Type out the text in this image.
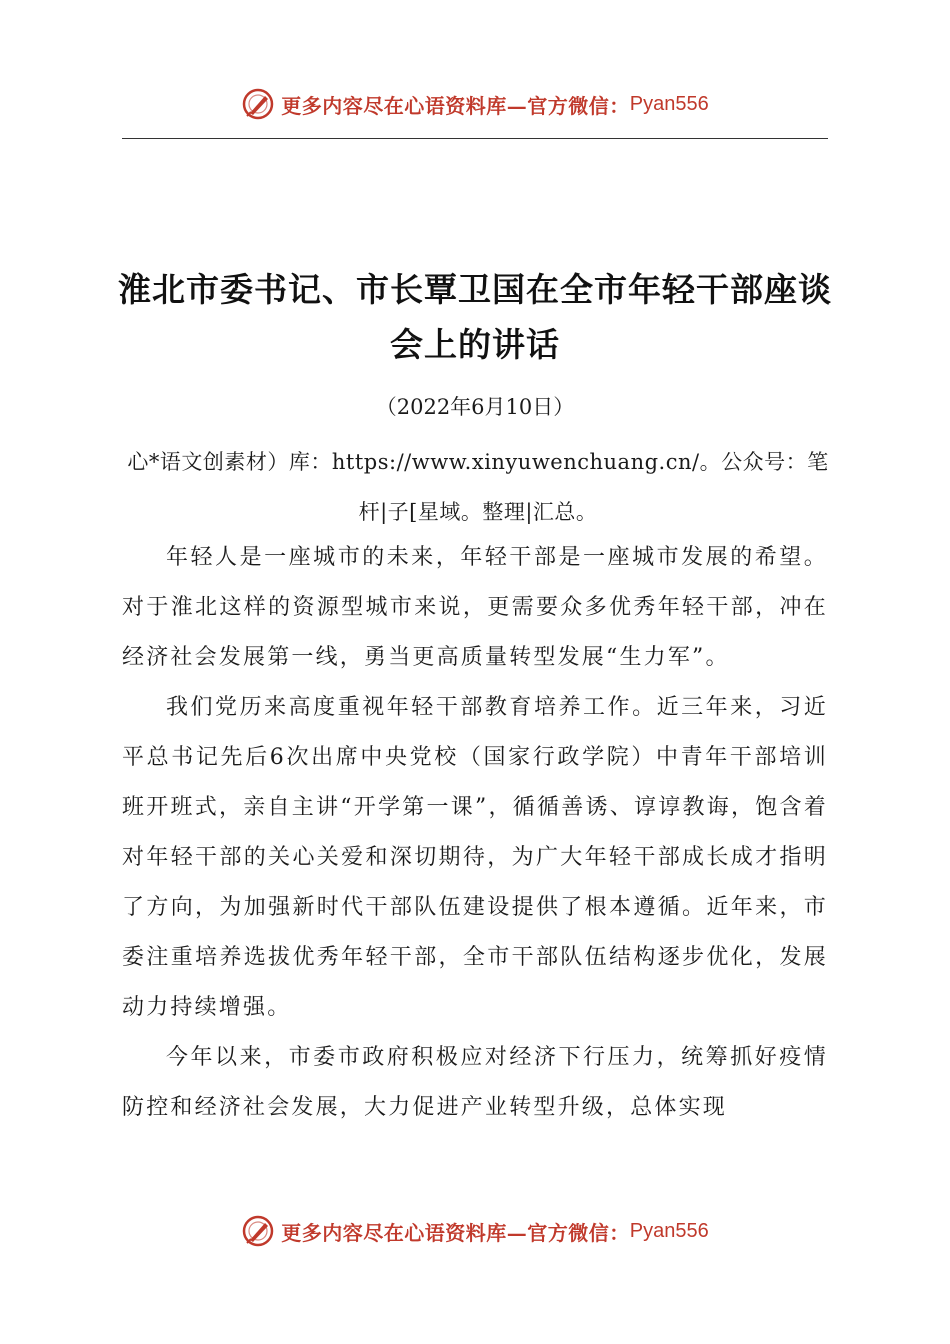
更多内容尽在心语资料库—官方微信： Pyan556
淮北市委书记、市长覃卫国在全市年轻干部座谈会上的讲话
（2022年6月10日）
心*语文创素材）库：https://www.xinyuwenchuang.cn/。公众号：笔杆|子[星域。整理|汇总。

年轻人是一座城市的未来，年轻干部是一座城市发展的希望。对于淮北这样的资源型城市来说，更需要众多优秀年轻干部，冲在经济社会发展第一线，勇当更高质量转型发展“生力军”。

我们党历来高度重视年轻干部教育培养工作。近三年来，习近平总书记先后6次出席中央党校（国家行政学院）中青年干部培训班开班式，亲自主讲“开学第一课”，循循善诱、谆谆教诲，饱含着对年轻干部的关心关爱和深切期待，为广大年轻干部成长成才指明了方向，为加强新时代干部队伍建设提供了根本遵循。近年来，市委注重培养选拔优秀年轻干部，全市干部队伍结构逐步优化，发展动力持续增强。

今年以来，市委市政府积极应对经济下行压力，统筹抓好疫情防控和经济社会发展，大力促进产业转型升级，总体实现

更多内容尽在心语资料库—官方微信： Pyan556
